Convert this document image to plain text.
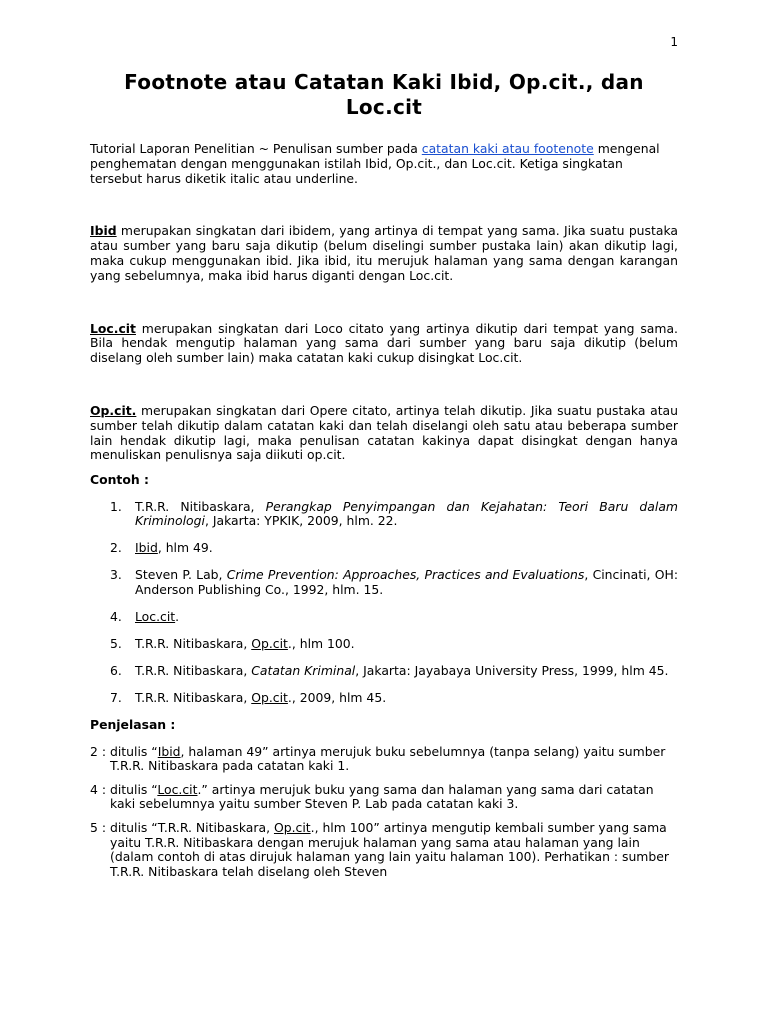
1
Footnote atau Catatan Kaki Ibid, Op.cit., dan Loc.cit

Tutorial Laporan Penelitian ~ Penulisan sumber pada catatan kaki atau footenote mengenal penghematan dengan menggunakan istilah Ibid, Op.cit., dan Loc.cit. Ketiga singkatan tersebut harus diketik italic atau underline.

Ibid merupakan singkatan dari ibidem, yang artinya di tempat yang sama. Jika suatu pustaka atau sumber yang baru saja dikutip (belum diselingi sumber pustaka lain) akan dikutip lagi, maka cukup menggunakan ibid. Jika ibid, itu merujuk halaman yang sama dengan karangan yang sebelumnya, maka ibid harus diganti dengan Loc.cit.

Loc.cit merupakan singkatan dari Loco citato yang artinya dikutip dari tempat yang sama. Bila hendak mengutip halaman yang sama dari sumber yang baru saja dikutip (belum diselang oleh sumber lain) maka catatan kaki cukup disingkat Loc.cit.

Op.cit. merupakan singkatan dari Opere citato, artinya telah dikutip. Jika suatu pustaka atau sumber telah dikutip dalam catatan kaki dan telah diselangi oleh satu atau beberapa sumber lain hendak dikutip lagi, maka penulisan catatan kakinya dapat disingkat dengan hanya menuliskan penulisnya saja diikuti op.cit.

Contoh :

1. T.R.R. Nitibaskara, Perangkap Penyimpangan dan Kejahatan: Teori Baru dalam Kriminologi, Jakarta: YPKIK, 2009, hlm. 22.
2. Ibid, hlm 49.
3. Steven P. Lab, Crime Prevention: Approaches, Practices and Evaluations, Cincinati, OH: Anderson Publishing Co., 1992, hlm. 15.
4. Loc.cit.
5. T.R.R. Nitibaskara, Op.cit., hlm 100.
6. T.R.R. Nitibaskara, Catatan Kriminal, Jakarta: Jayabaya University Press, 1999, hlm 45.
7. T.R.R. Nitibaskara, Op.cit., 2009, hlm 45.

Penjelasan :

2 : ditulis “Ibid, halaman 49” artinya merujuk buku sebelumnya (tanpa selang) yaitu sumber T.R.R. Nitibaskara pada catatan kaki 1.
4 : ditulis “Loc.cit.” artinya merujuk buku yang sama dan halaman yang sama dari catatan kaki sebelumnya yaitu sumber Steven P. Lab pada catatan kaki 3.
5 : ditulis “T.R.R. Nitibaskara, Op.cit., hlm 100” artinya mengutip kembali sumber yang sama yaitu T.R.R. Nitibaskara dengan merujuk halaman yang sama atau halaman yang lain (dalam contoh di atas dirujuk halaman yang lain yaitu halaman 100). Perhatikan : sumber T.R.R. Nitibaskara telah diselang oleh Steven
